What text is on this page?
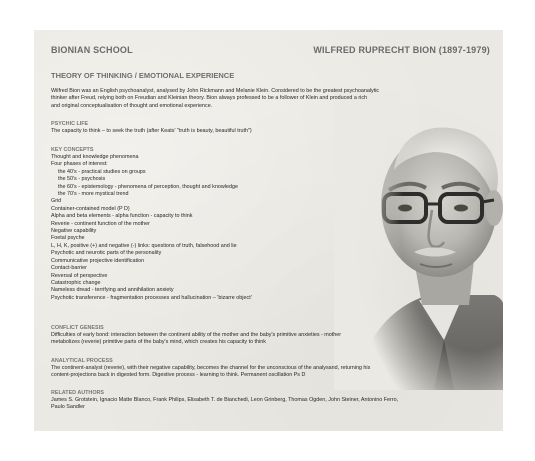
BIONIAN SCHOOL	WILFRED RUPRECHT BION (1897-1979)
THEORY OF THINKING / EMOTIONAL EXPERIENCE

Wilfred Bion was an English psychoanalyst, analysed by John Rickmann and Melanie Klein. Considered to be the greatest psychoanalytic

thinker after Freud, relying both on Freudian and Kleinian theory. Bion always professed to be a follower of Klein and produced a rich

and original conceptualisation of thought and emotional experience.

PSYCHIC LIFE

The capacity to think – to seek the truth (after Keats' "truth is beauty, beautiful truth")

KEY CONCEPTS

Thought and knowledge phenomena

Four phases of interest:

the 40's - practical studies on groups

the 50's - psychosis

the 60's - epistemology - phenomena of perception, thought and knowledge

the 70's - more mystical trend

Grid

Container-contained model (P D)

Alpha and beta elements - alpha function - capacity to think

Reverie - continent function of the mother

Negative capability

Foetal psyche

L, H, K, positive (+) and negative (-) links: questions of truth, falsehood and lie

Psychotic and neurotic parts of the personality

Communicative projective identification

Contact-barrier

Reversal of perspective

Catastrophic change

Nameless dread - terrifying and annihilation anxiety

Psychotic transference - fragmentation processes and hallucination – 'bizarre object'

CONFLICT GENESIS

Difficulties of early bond: interaction between the continent ability of the mother and the baby's primitive anxieties - mother

metabolizes (reverie) primitive parts of the baby's mind, which creates his capacity to think

ANALYTICAL PROCESS

The continent-analyst (reverie), with their negative capability, becomes the channel for the unconscious of the analysand, returning his

content-projections back in digested form. Digestive process - learning to think. Permanent oscillation Ps D

RELATED AUTHORS

James S. Grotstein, Ignacio Matte Blanco, Frank Philips, Elisabeth T. de Bianchedi, Leon Grinberg, Thomas Ogden, John Steiner, Antonino Ferro,

Paulo Sandler
